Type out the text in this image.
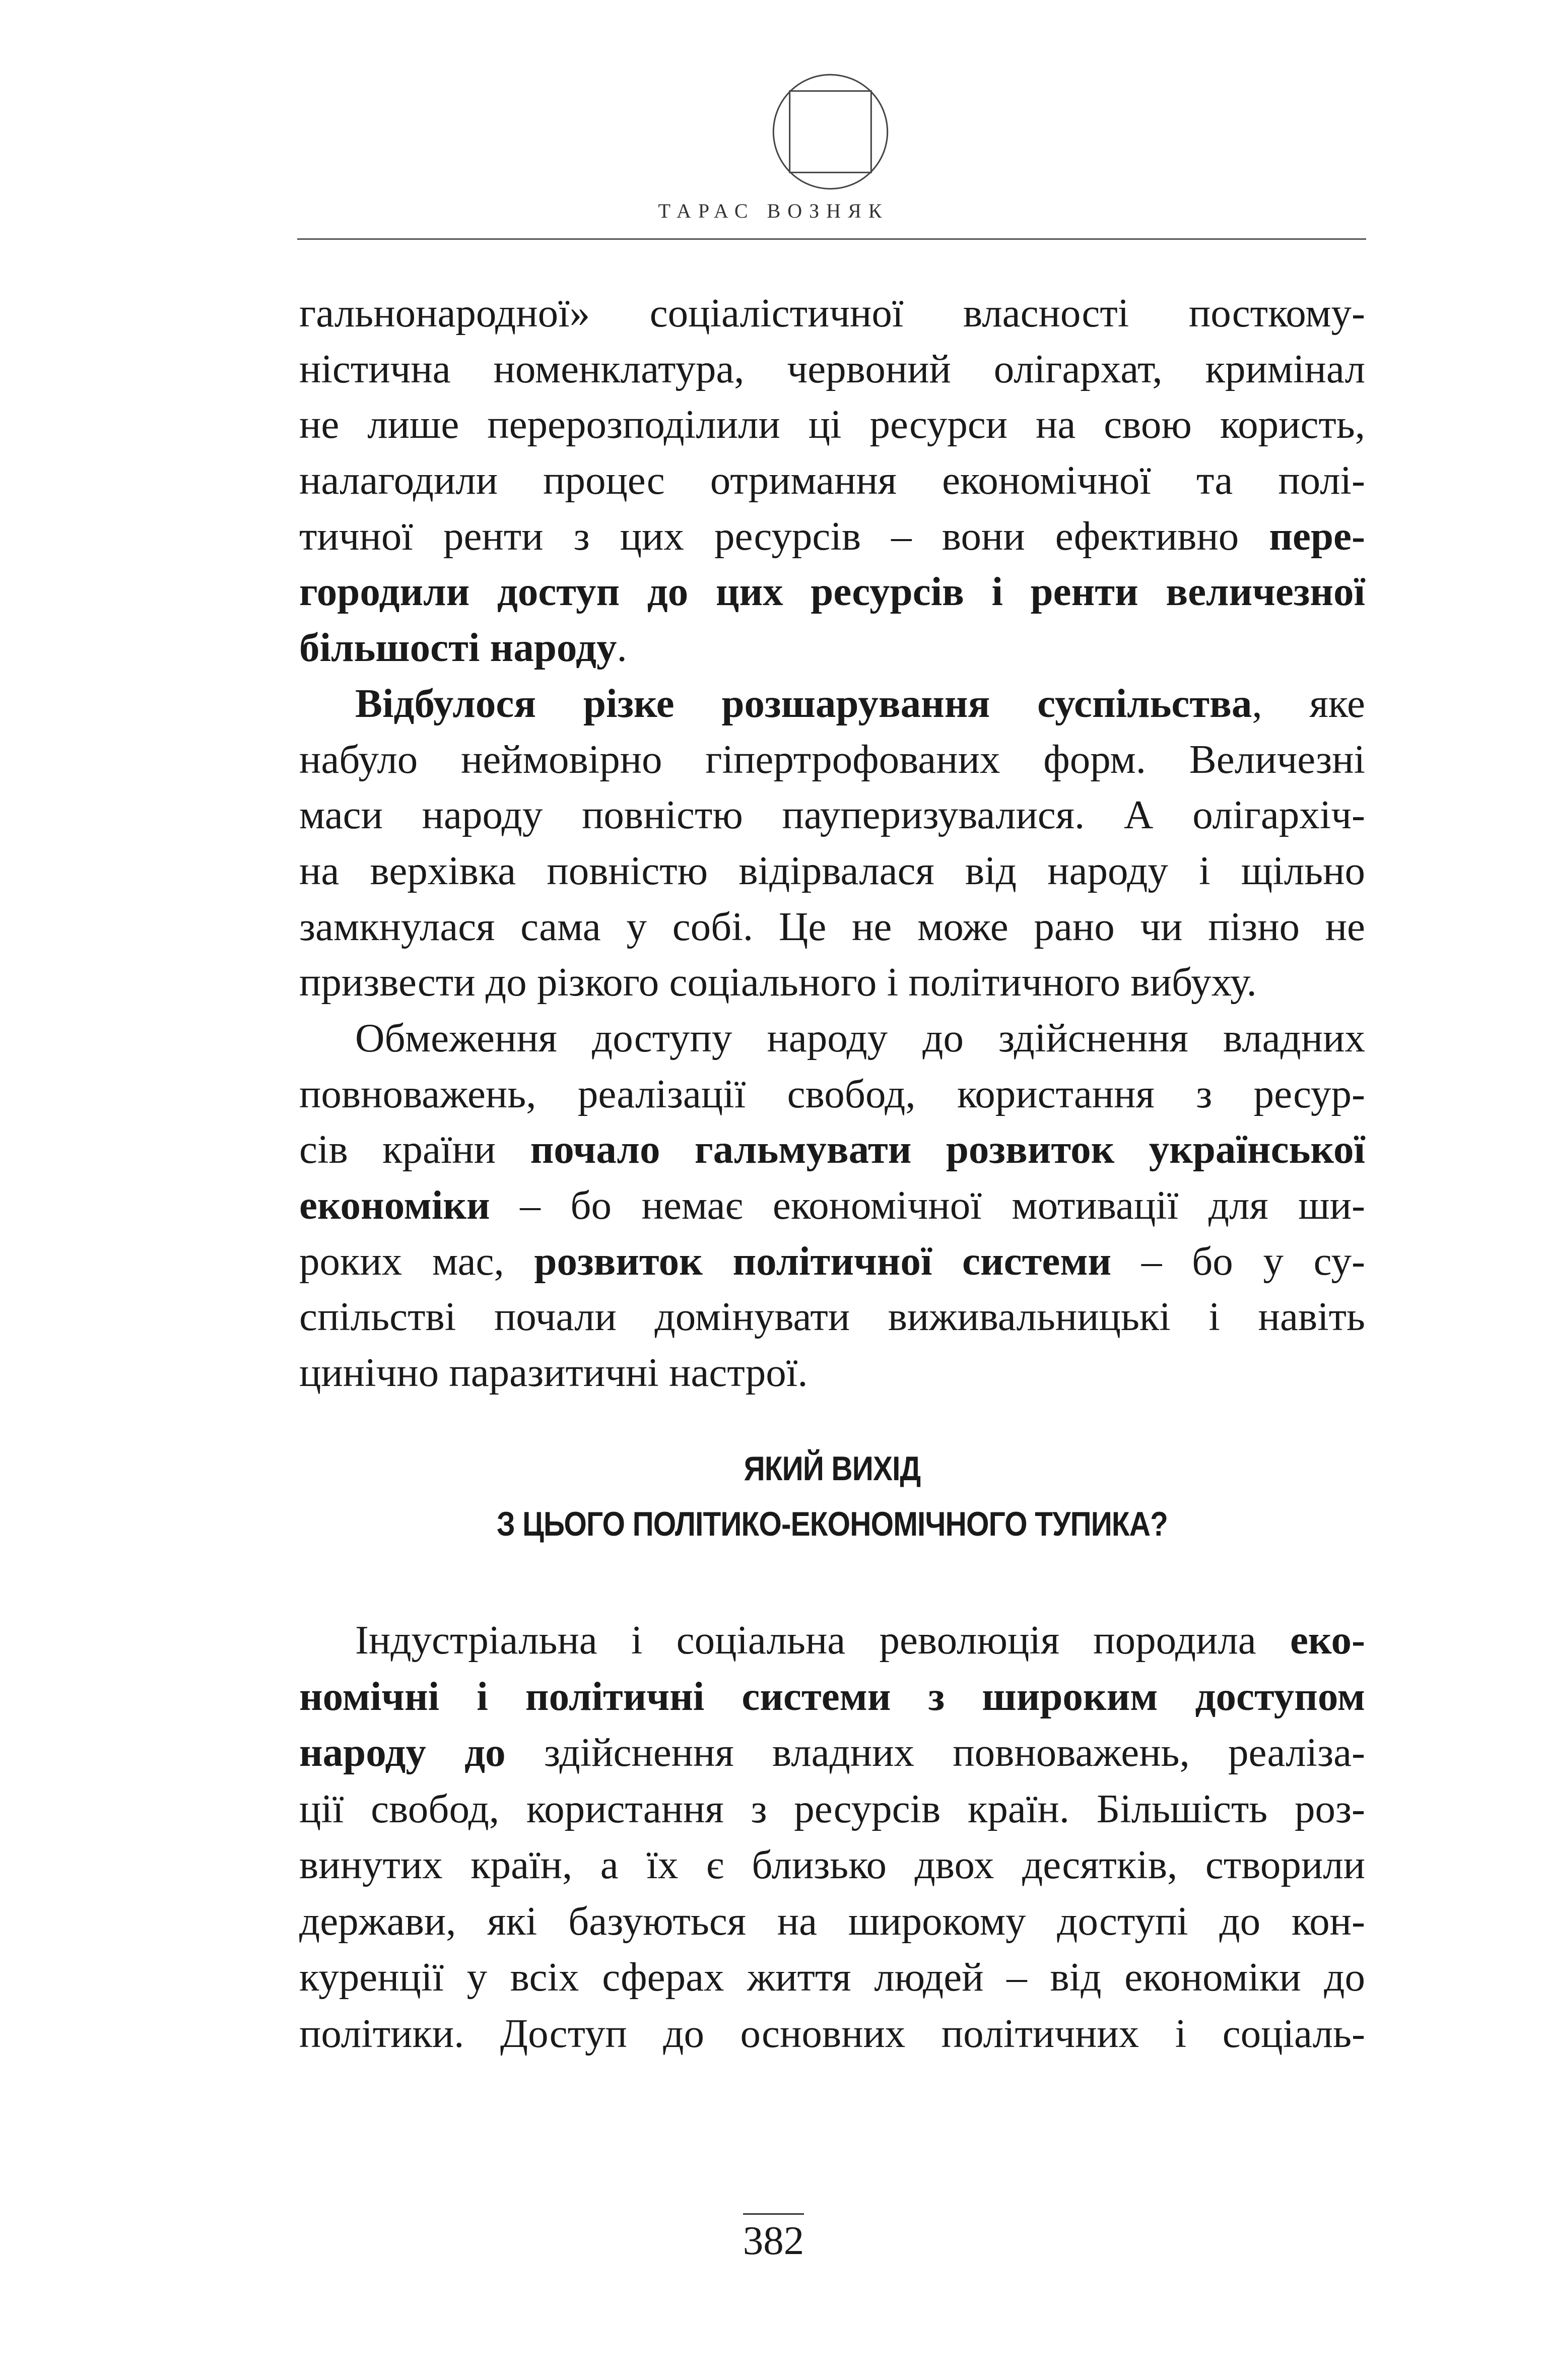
ТАРАС ВОЗНЯК
гальнонародної» соціалістичної власності посткому-
ністична номенклатура, червоний олігархат, кримінал
не лише перерозподілили ці ресурси на свою користь,
налагодили процес отримання економічної та полі-
тичної ренти з цих ресурсів – вони ефективно пере-
городили доступ до цих ресурсів і ренти величезної
більшості народу.
Відбулося різке розшарування суспільства, яке
набуло неймовірно гіпертрофованих форм. Величезні
маси народу повністю пауперизувалися. А олігархіч-
на верхівка повністю відірвалася від народу і щільно
замкнулася сама у собі. Це не може рано чи пізно не
призвести до різкого соціального і політичного вибуху.
Обмеження доступу народу до здійснення владних
повноважень, реалізації свобод, користання з ресур-
сів країни почало гальмувати розвиток української
економіки – бо немає економічної мотивації для ши-
роких мас, розвиток політичної системи – бо у су-
спільстві почали домінувати виживальницькі і навіть
цинічно паразитичні настрої.
ЯКИЙ ВИХІД
З ЦЬОГО ПОЛІТИКО-ЕКОНОМІЧНОГО ТУПИКА?
Індустріальна і соціальна революція породила еко-
номічні і політичні системи з широким доступом
народу до здійснення владних повноважень, реаліза-
ції свобод, користання з ресурсів країн. Більшість роз-
винутих країн, а їх є близько двох десятків, створили
держави, які базуються на широкому доступі до кон-
куренції у всіх сферах життя людей – від економіки до
політики. Доступ до основних політичних і соціаль-
382
